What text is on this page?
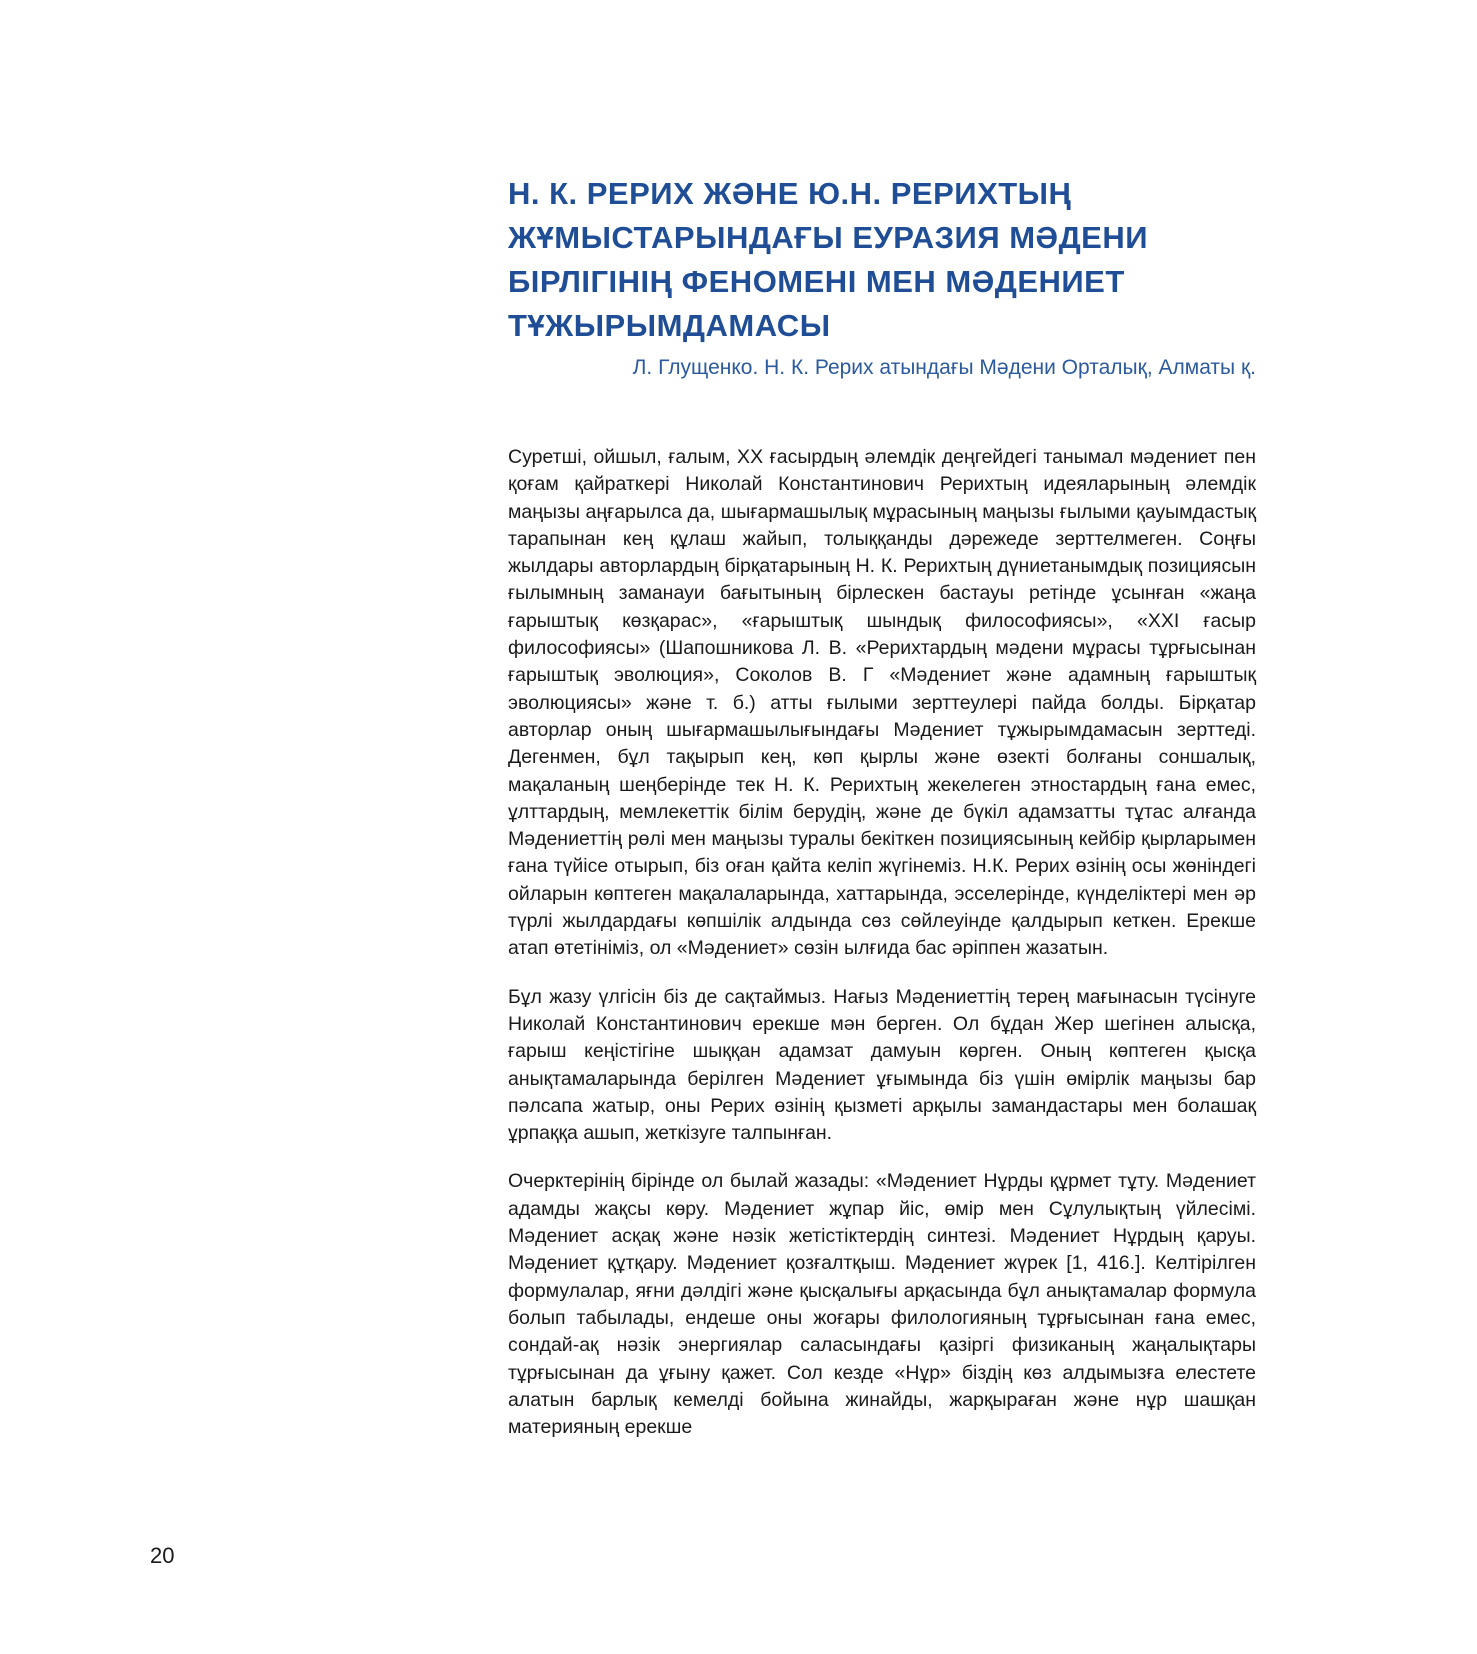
Н. К. РЕРИХ ЖӘНЕ Ю.Н. РЕРИХТЫҢ
ЖҰМЫСТАРЫНДАҒЫ ЕУРАЗИЯ МӘДЕНИ
БІРЛІГІНІҢ ФЕНОМЕНІ МЕН МӘДЕНИЕТ
ТҰЖЫРЫМДАМАСЫ
Л. Глущенко. Н. К. Рерих атындағы Мәдени Орталық, Алматы қ.

Суретші, ойшыл, ғалым, XX ғасырдың әлемдік деңгейдегі танымал мәдениет пен қоғам қайраткері Николай Константинович Рерихтың идеяларының әлемдік маңызы аңғарылса да, шығармашылық мұрасының маңызы ғылыми қауымдастық тарапынан кең құлаш жайып, толыққанды дәрежеде зерттелмеген. Соңғы жылдары авторлардың бірқатарының Н. К. Рерихтың дүниетанымдық позициясын ғылымның заманауи бағытының бірлескен бастауы ретінде ұсынған «жаңа ғарыштық көзқарас», «ғарыштық шындық философиясы», «XXI ғасыр философиясы» (Шапошникова Л. В. «Рерихтардың мәдени мұрасы тұрғысынан ғарыштық эволюция», Соколов В. Г «Мәдениет және адамның ғарыштық эволюциясы» және т. б.) атты ғылыми зерттеулері пайда болды. Бірқатар авторлар оның шығармашылығындағы Мәдениет тұжырымдамасын зерттеді. Дегенмен, бұл тақырып кең, көп қырлы және өзекті болғаны соншалық, мақаланың шеңберінде тек Н. К. Рерихтың жекелеген этностардың ғана емес, ұлттардың, мемлекеттік білім берудің, және де бүкіл адамзатты тұтас алғанда Мәдениеттің рөлі мен маңызы туралы бекіткен позициясының кейбір қырларымен ғана түйісе отырып, біз оған қайта келіп жүгінеміз. Н.К. Рерих өзінің осы жөніндегі ойларын көптеген мақалаларында, хаттарында, эсселерінде, күнделіктері мен әр түрлі жылдардағы көпшілік алдында сөз сөйлеуінде қалдырып кеткен. Ерекше атап өтетініміз, ол «Мәдениет» сөзін ылғида бас әріппен жазатын.

Бұл жазу үлгісін біз де сақтаймыз. Нағыз Мәдениеттің терең мағынасын түсінуге Николай Константинович ерекше мән берген. Ол бұдан Жер шегінен алысқа, ғарыш кеңістігіне шыққан адамзат дамуын көрген. Оның көптеген қысқа анықтамаларында берілген Мәдениет ұғымында біз үшін өмірлік маңызы бар пәлсапа жатыр, оны Рерих өзінің қызметі арқылы замандастары мен болашақ ұрпаққа ашып, жеткізуге талпынған.

Очерктерінің бірінде ол былай жазады: «Мәдениет Нұрды құрмет тұту. Мәдениет адамды жақсы көру. Мәдениет жұпар йіс, өмір мен Сұлулықтың үйлесімі. Мәдениет асқақ және нәзік жетістіктердің синтезі. Мәдениет Нұрдың қаруы. Мәдениет құтқару. Мәдениет қозғалтқыш. Мәдениет жүрек [1, 416.]. Келтірілген формулалар, яғни дәлдігі және қысқалығы арқасында бұл анықтамалар формула болып табылады, ендеше оны жоғары филологияның тұрғысынан ғана емес, сондай-ақ нәзік энергиялар саласындағы қазіргі физиканың жаңалықтары тұрғысынан да ұғыну қажет. Сол кезде «Нұр» біздің көз алдымызға елестете алатын барлық кемелді бойына жинайды, жарқыраған және нұр шашқан материяның ерекше

20
